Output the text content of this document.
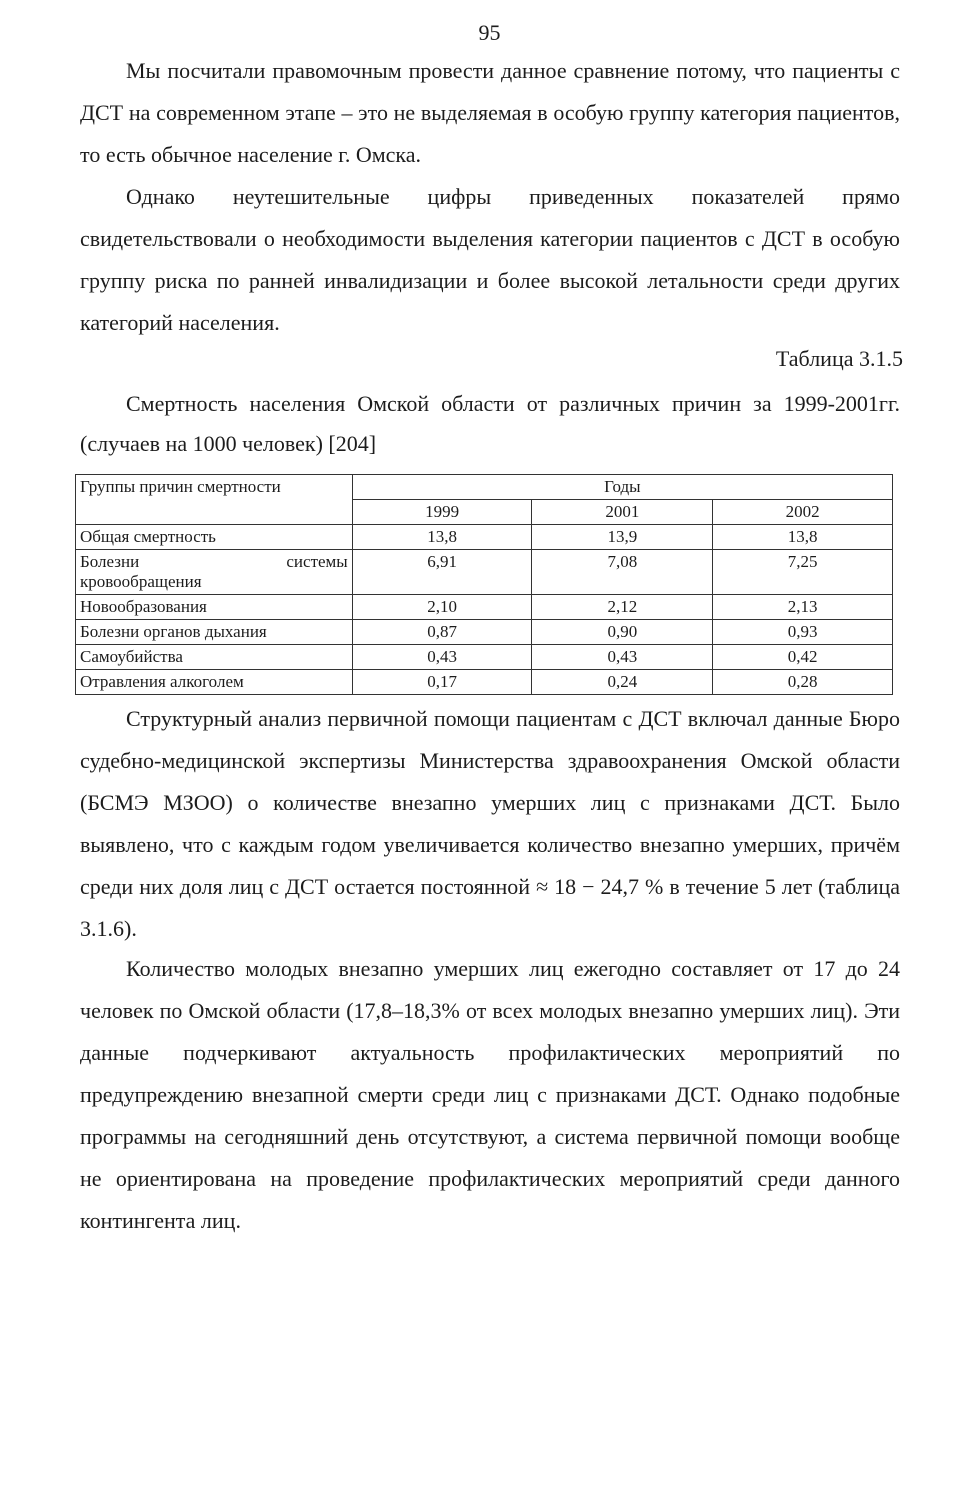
95

Мы посчитали правомочным провести данное сравнение потому, что пациенты с ДСТ на современном этапе – это не выделяемая в особую группу категория пациентов, то есть обычное население г. Омска.

Однако неутешительные цифры приведенных показателей прямо свидетельствовали о необходимости выделения категории пациентов с ДСТ в особую группу риска по ранней инвалидизации и более высокой летальности среди других категорий населения.

Таблица 3.1.5

Смертность населения Омской области от различных причин за 1999-2001гг. (случаев на 1000 человек) [204]

Группы причин смертности	Годы		
	1999	2001	2002
Общая смертность	13,8	13,9	13,8

Болезни системы
кровообращения	6,91	7,08	7,25
Новообразования	2,10	2,12	2,13
Болезни органов дыхания	0,87	0,90	0,93
Самоубийства	0,43	0,43	0,42
Отравления алкоголем	0,17	0,24	0,28

Структурный анализ первичной помощи пациентам с ДСТ включал данные Бюро судебно-медицинской экспертизы Министерства здравоохранения Омской области (БСМЭ МЗОО) о количестве внезапно умерших лиц с признаками ДСТ. Было выявлено, что с каждым годом увеличивается количество внезапно умерших, причём среди них доля лиц с ДСТ остается постоянной ≈ 18 − 24,7 % в течение 5 лет (таблица 3.1.6).

Количество молодых внезапно умерших лиц ежегодно составляет от 17 до 24 человек по Омской области (17,8–18,3% от всех молодых внезапно умерших лиц). Эти данные подчеркивают актуальность профилактических мероприятий по предупреждению внезапной смерти среди лиц с признаками ДСТ. Однако подобные программы на сегодняшний день отсутствуют, а система первичной помощи вообще не ориентирована на проведение профилактических мероприятий среди данного контингента лиц.
